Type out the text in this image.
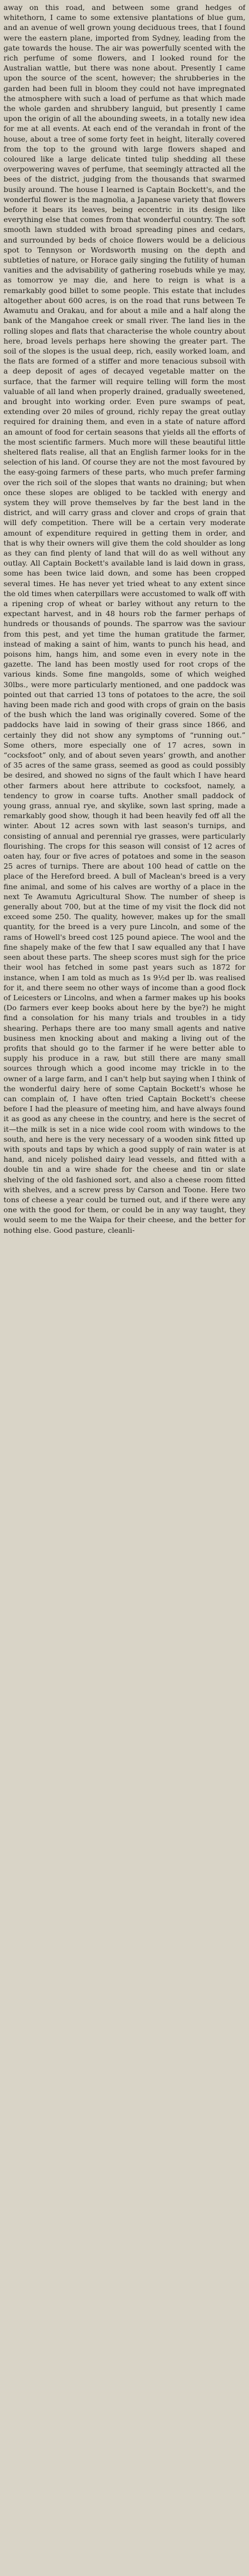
away on this road, and between some grand hedges of whitethorn, I came to some extensive plantations of blue gum, and an avenue of well grown young deciduous trees, that I found were the eastern plane, imported from Sydney, leading from the gate towards the house. The air was powerfully scented with the rich perfume of some flowers, and I looked round for the Australian wattle, but there was none about. Presently I came upon the source of the scent, however; the shrubberies in the garden had been full in bloom they could not have impregnated the atmosphere with such a load of perfume as that which made the whole garden and shrubbery languid, but presently I came upon the origin of all the abounding sweets, in a totally new idea for me at all events. At each end of the verandah in front of the house, about a tree of some forty feet in height, literally covered from the top to the ground with large flowers shaped and coloured like a large delicate tinted tulip shedding all these overpowering waves of perfume, that seemingly attracted all the bees of the district, judging from the thousands that swarmed busily around. The house I learned is Captain Bockett's, and the wonderful flower is the magnolia, a Japanese variety that flowers before it bears its leaves, being eccentric in its design like everything else that comes from that wonderful country. The soft smooth lawn studded with broad spreading pines and cedars, and surrounded by beds of choice flowers would be a delicious spot to Tennyson or Wordsworth musing on the depth and subtleties of nature, or Horace gaily singing the futility of human vanities and the advisability of gathering rosebuds while ye may, as tomorrow ye may die, and here to reign is what is a remarkably good billet to some people. This estate that includes altogether about 600 acres, is on the road that runs between Te Awamutu and Orakau, and for about a mile and a half along the bank of the Mangahoe creek or small river. The land lies in the rolling slopes and flats that characterise the whole country about here, broad levels perhaps here showing the greater part. The soil of the slopes is the usual deep, rich, easily worked loam, and the flats are formed of a stiffer and more tenacious subsoil with a deep deposit of ages of decayed vegetable matter on the surface, that the farmer will require telling will form the most valuable of all land when properly drained, gradually sweetened, and brought into working order. Even pure swamps of peat, extending over 20 miles of ground, richly repay the great outlay required for draining them, and even in a state of nature afford an amount of food for certain seasons that yields all the efforts of the most scientific farmers. Much more will these beautiful little sheltered flats realise, all that an English farmer looks for in the selection of his land. Of course they are not the most favoured by the easy-going farmers of these parts, who much prefer farming over the rich soil of the slopes that wants no draining; but when once these slopes are obliged to be tackled with energy and system they will prove themselves by far the best land in the district, and will carry grass and clover and crops of grain that will defy competition. There will be a certain very moderate amount of expenditure required in getting them in order, and that is why their owners will give them the cold shoulder as long as they can find plenty of land that will do as well without any outlay. All Captain Bockett's available land is laid down in grass, some has been twice laid down, and some has been cropped several times. He has never yet tried wheat to any extent since the old times when caterpillars were accustomed to walk off with a ripening crop of wheat or barley without any return to the expectant harvest, and in 48 hours rob the farmer perhaps of hundreds or thousands of pounds. The sparrow was the saviour from this pest, and yet time the human gratitude the farmer, instead of making a saint of him, wants to punch his head, and poisons him, hangs him, and some even in every note in the gazette. The land has been mostly used for root crops of the various kinds. Some fine mangolds, some of which weighed 30lbs., were more particularly mentioned, and one paddock was pointed out that carried 13 tons of potatoes to the acre, the soil having been made rich and good with crops of grain on the basis of the bush which the land was originally covered. Some of the paddocks have laid in sowing of their grass since 1866, and certainly they did not show any symptoms of “running out.” Some others, more especially one of 17 acres, sown in “cocksfoot” only, and of about seven years’ growth, and another of 35 acres of the same grass, seemed as good as could possibly be desired, and showed no signs of the fault which I have heard other farmers about here attribute to cocksfoot, namely, a tendency to grow in coarse tufts. Another small paddock of young grass, annual rye, and skylike, sown last spring, made a remarkably good show, though it had been heavily fed off all the winter. About 12 acres sown with last season's turnips, and consisting of annual and perennial rye grasses, were particularly flourishing. The crops for this season will consist of 12 acres of oaten hay, four or five acres of potatoes and some in the season 25 acres of turnips. There are about 100 head of cattle on the place of the Hereford breed. A bull of Maclean's breed is a very fine animal, and some of his calves are worthy of a place in the next Te Awamutu Agricultural Show. The number of sheep is generally about 700, but at the time of my visit the flock did not exceed some 250. The quality, however, makes up for the small quantity, for the breed is a very pure Lincoln, and some of the rams of Howell's breed cost 125 pound apiece. The wool and the fine shapely make of the few that I saw equalled any that I have seen about these parts. The sheep scores must sigh for the price their wool has fetched in some past years such as 1872 for instance, when I am told as much as 1s 9½d per lb. was realised for it, and there seem no other ways of income than a good flock of Leicesters or Lincolns, and when a farmer makes up his books (Do farmers ever keep books about here by the bye?) he might find a consolation for his many trials and troubles in a tidy shearing. Perhaps there are too many small agents and native business men knocking about and making a living out of the profits that should go to the farmer if he were better able to supply his produce in a raw, but still there are many small sources through which a good income may trickle in to the owner of a large farm, and I can't help but saying when I think of the wonderful dairy here of some Captain Bockett's whose he can complain of, I have often tried Captain Bockett's cheese before I had the pleasure of meeting him, and have always found it as good as any cheese in the country, and here is the secret of it—the milk is set in a nice wide cool room with windows to the south, and here is the very necessary of a wooden sink fitted up with spouts and taps by which a good supply of rain water is at hand, and nicely polished dairy lead vessels, and fitted with a double tin and a wire shade for the cheese and tin or slate shelving of the old fashioned sort, and also a cheese room fitted with shelves, and a screw press by Carson and Toone. Here two tons of cheese a year could be turned out, and if there were any one with the good for them, or could be in any way taught, they would seem to me the Waipa for their cheese, and the better for nothing else. Good pasture, cleanli-
